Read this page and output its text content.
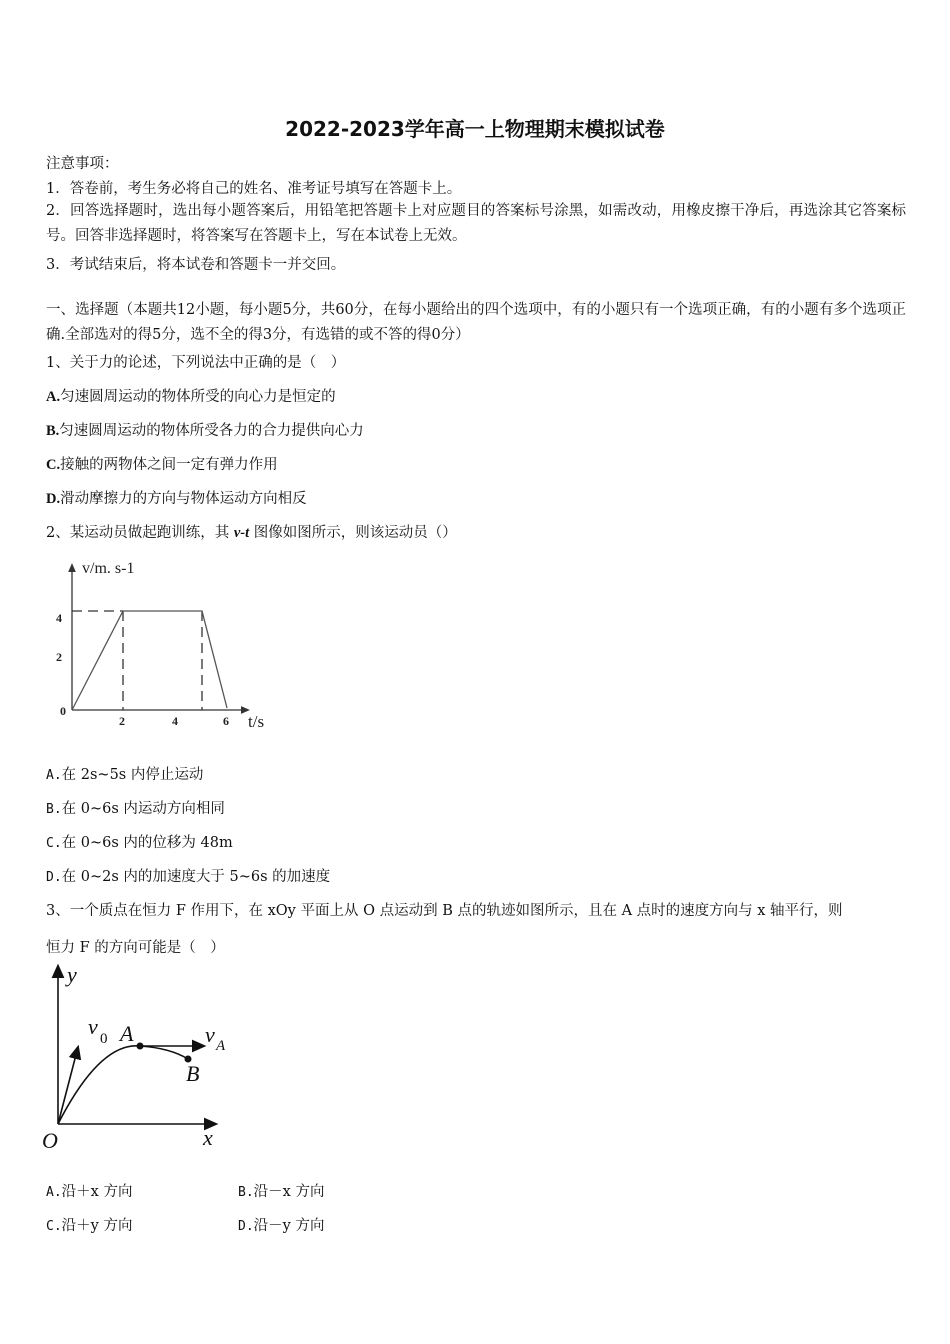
2022-2023学年高一上物理期末模拟试卷
注意事项：
1．答卷前，考生务必将自己的姓名、准考证号填写在答题卡上。
2．回答选择题时，选出每小题答案后，用铅笔把答题卡上对应题目的答案标号涂黑，如需改动，用橡皮擦干净后，再选涂其它答案标号。回答非选择题时，将答案写在答题卡上，写在本试卷上无效。
3．考试结束后，将本试卷和答题卡一并交回。
一、选择题（本题共12小题，每小题5分，共60分，在每小题给出的四个选项中，有的小题只有一个选项正确，有的小题有多个选项正确.全部选对的得5分，选不全的得3分，有选错的或不答的得0分）
1、关于力的论述，下列说法中正确的是（　）
A.匀速圆周运动的物体所受的向心力是恒定的
B.匀速圆周运动的物体所受各力的合力提供向心力
C.接触的两物体之间一定有弹力作用
D.滑动摩擦力的方向与物体运动方向相反
2、某运动员做起跑训练，其 v-t 图像如图所示，则该运动员（）
v/m. s-1
t/s
4
2
0
2	4	6
A.在 2s~5s 内停止运动
B.在 0~6s 内运动方向相同
C.在 0~6s 内的位移为 48m
D.在 0~2s 内的加速度大于 5~6s 的加速度
3、一个质点在恒力 F 作用下，在 xOy 平面上从 O 点运动到 B 点的轨迹如图所示，且在 A 点时的速度方向与 x 轴平行，则
恒力 F 的方向可能是（　）
y
x
O
A
B
v 0	v A
A.沿＋x 方向	B.沿－x 方向
C.沿＋y 方向	D.沿－y 方向
